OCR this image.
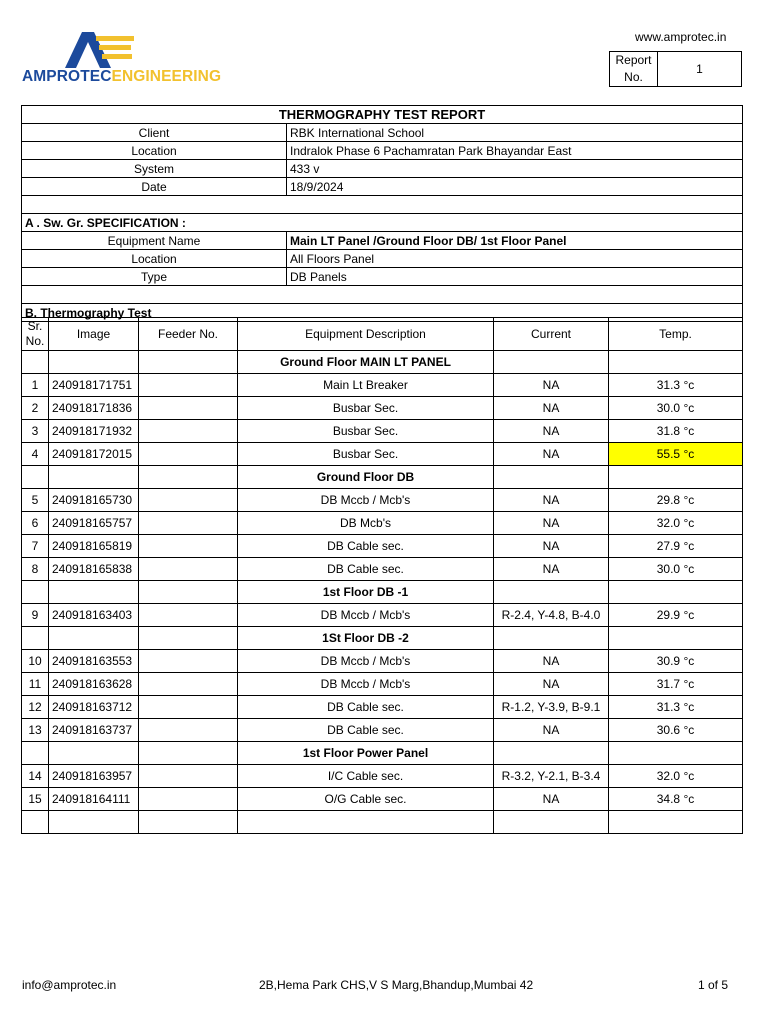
AMPROTECENGINEERING
www.amprotec.in
Report
No.
1
THERMOGRAPHY TEST REPORT	
Client	RBK International School
Location	Indralok Phase 6 Pachamratan Park Bhayandar East
System	433 v
Date	18/9/2024

A . Sw. Gr. SPECIFICATION :	
Equipment Name	Main LT Panel /Ground Floor DB/ 1st Floor Panel
Location	All Floors Panel
Type	DB Panels

B. Thermography Test	
Sr.
No.	Image	Feeder No.	Equipment Description	Current	Temp.
			Ground Floor MAIN LT PANEL		
1	240918171751		Main Lt Breaker	NA	31.3 °c
2	240918171836		Busbar Sec.	NA	30.0 °c
3	240918171932		Busbar Sec.	NA	31.8 °c
4	240918172015		Busbar Sec.	NA	55.5 °c
			Ground Floor DB		
5	240918165730		DB Mccb / Mcb's	NA	29.8 °c
6	240918165757		DB Mcb's	NA	32.0 °c
7	240918165819		DB Cable sec.	NA	27.9 °c
8	240918165838		DB Cable sec.	NA	30.0 °c
			1st Floor DB -1		
9	240918163403		DB Mccb / Mcb's	R-2.4, Y-4.8, B-4.0	29.9 °c
			1St Floor DB -2		
10	240918163553		DB Mccb / Mcb's	NA	30.9 °c
11	240918163628		DB Mccb / Mcb's	NA	31.7 °c
12	240918163712		DB Cable sec.	R-1.2, Y-3.9, B-9.1	31.3 °c
13	240918163737		DB Cable sec.	NA	30.6 °c
			1st Floor Power Panel		
14	240918163957		I/C Cable sec.	R-3.2, Y-2.1, B-3.4	32.0 °c
15	240918164111		O/G Cable sec.	NA	34.8 °c

info@amprotec.in	2B,Hema Park CHS,V S Marg,Bhandup,Mumbai 42	1 of 5
